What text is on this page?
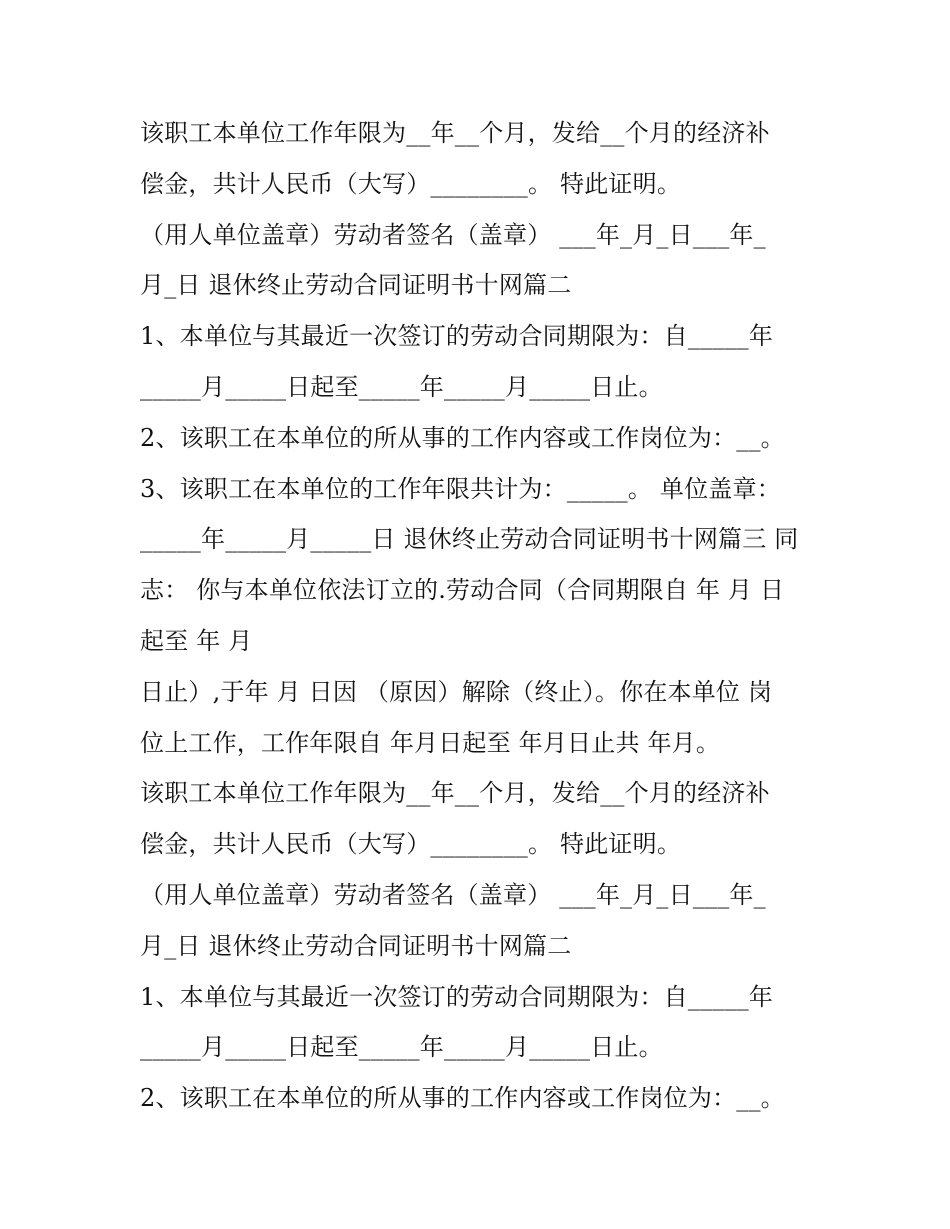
该职工本单位工作年限为__年__个月，发给__个月的经济补
偿金，共计人民币（大写）________。 特此证明。
（用人单位盖章）劳动者签名（盖章） ___年_月_日___年_
月_日 退休终止劳动合同证明书十网篇二
1、本单位与其最近一次签订的劳动合同期限为：自_____年
_____月_____日起至_____年_____月_____日止。
2、该职工在本单位的所从事的工作内容或工作岗位为：__。
3、该职工在本单位的工作年限共计为：_____。 单位盖章：
_____年_____月_____日 退休终止劳动合同证明书十网篇三 同
志： 你与本单位依法订立的.劳动合同（合同期限自 年 月 日
起至 年 月
日止）,于年 月 日因 （原因）解除（终止）。你在本单位 岗
位上工作，工作年限自 年月日起至 年月日止共 年月。
该职工本单位工作年限为__年__个月，发给__个月的经济补
偿金，共计人民币（大写）________。 特此证明。
（用人单位盖章）劳动者签名（盖章） ___年_月_日___年_
月_日 退休终止劳动合同证明书十网篇二
1、本单位与其最近一次签订的劳动合同期限为：自_____年
_____月_____日起至_____年_____月_____日止。
2、该职工在本单位的所从事的工作内容或工作岗位为：__。
